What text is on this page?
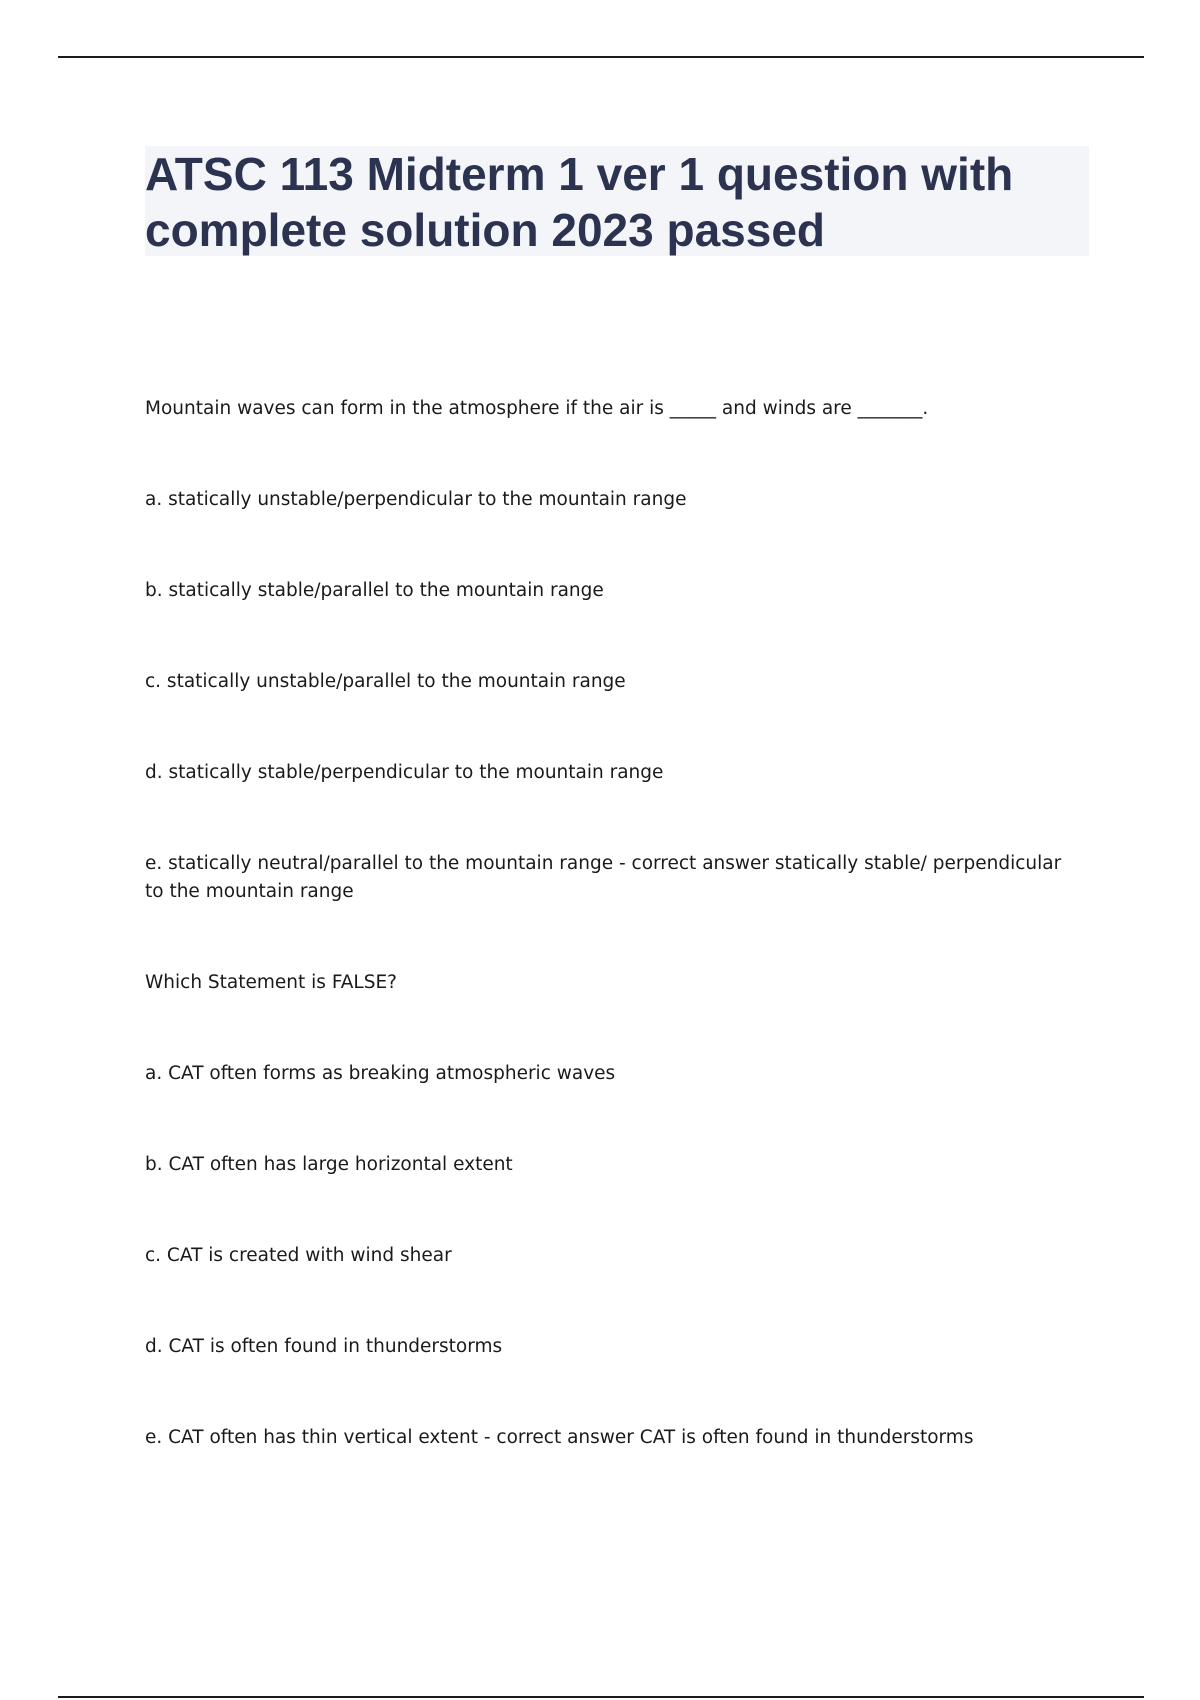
ATSC 113 Midterm 1 ver 1 question with complete solution 2023 passed

Mountain waves can form in the atmosphere if the air is _____ and winds are _______.

a. statically unstable/perpendicular to the mountain range

b. statically stable/parallel to the mountain range

c. statically unstable/parallel to the mountain range

d. statically stable/perpendicular to the mountain range

e. statically neutral/parallel to the mountain range - correct answer statically stable/ perpendicular to the mountain range

Which Statement is FALSE?

a. CAT often forms as breaking atmospheric waves

b. CAT often has large horizontal extent

c. CAT is created with wind shear

d. CAT is often found in thunderstorms

e. CAT often has thin vertical extent - correct answer CAT is often found in thunderstorms
